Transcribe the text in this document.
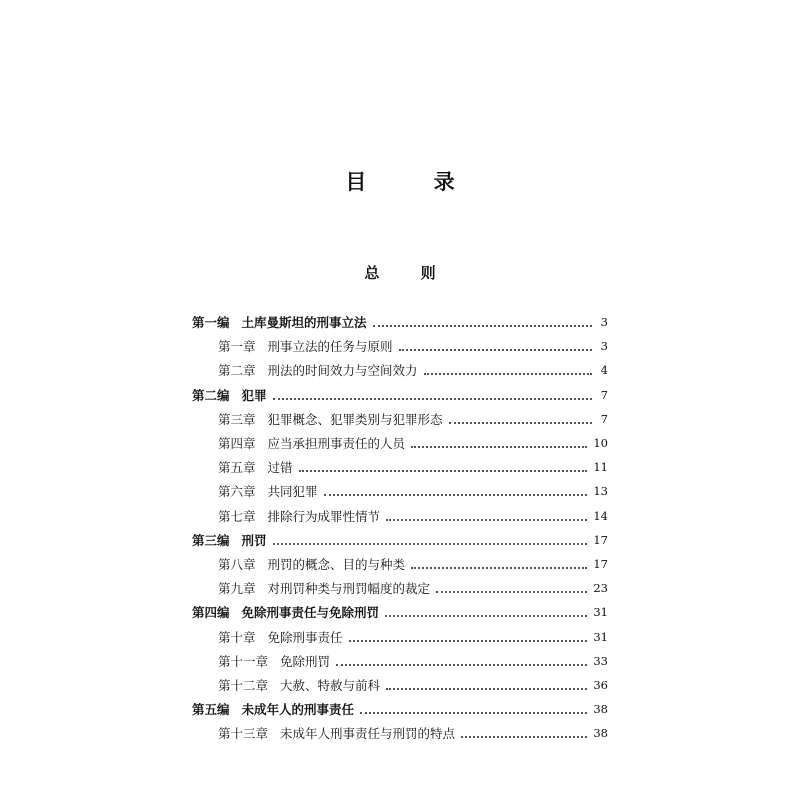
目 录
总 则
第一编 土库曼斯坦的刑事立法	3
第一章 刑事立法的任务与原则	3
第二章 刑法的时间效力与空间效力	4
第二编 犯罪	7
第三章 犯罪概念、犯罪类别与犯罪形态	7
第四章 应当承担刑事责任的人员	10
第五章 过错	11
第六章 共同犯罪	13
第七章 排除行为成罪性情节	14
第三编 刑罚	17
第八章 刑罚的概念、目的与种类	17
第九章 对刑罚种类与刑罚幅度的裁定	23
第四编 免除刑事责任与免除刑罚	31
第十章 免除刑事责任	31
第十一章 免除刑罚	33
第十二章 大赦、特赦与前科	36
第五编 未成年人的刑事责任	38
第十三章 未成年人刑事责任与刑罚的特点	38
